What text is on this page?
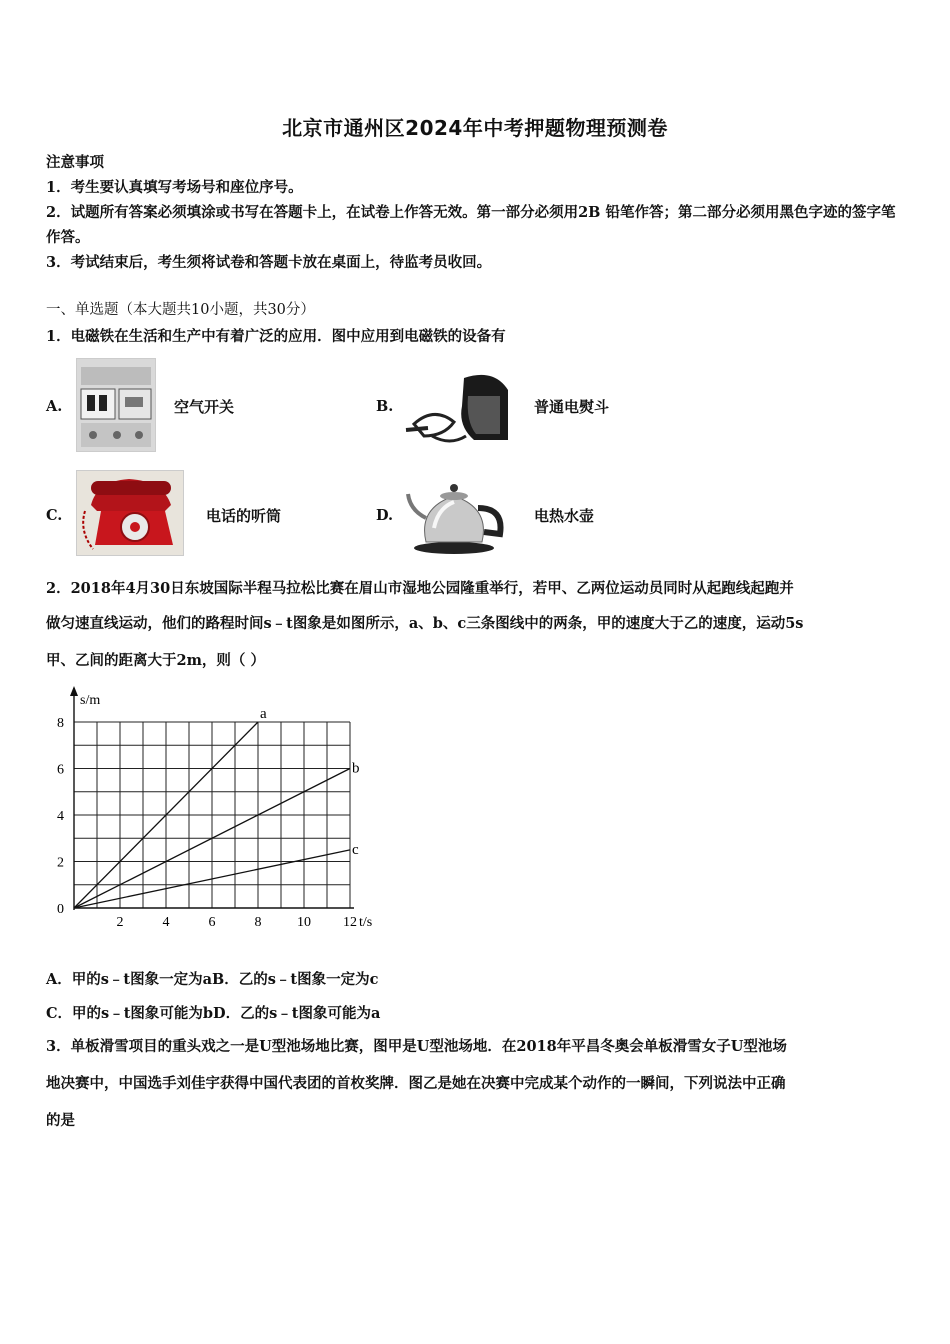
北京市通州区2024年中考押题物理预测卷
注意事项
1．考生要认真填写考场号和座位序号。
2．试题所有答案必须填涂或书写在答题卡上，在试卷上作答无效。第一部分必须用2B 铅笔作答；第二部分必须用黑色字迹的签字笔作答。
3．考试结束后，考生须将试卷和答题卡放在桌面上，待监考员收回。
一、单选题（本大题共10小题，共30分）
1．电磁铁在生活和生产中有着广泛的应用．图中应用到电磁铁的设备有
A.	空气开关	B.	普通电熨斗
C.	电话的听筒	D.	电热水壶
2．2018年4月30日东坡国际半程马拉松比赛在眉山市湿地公园隆重举行，若甲、乙两位运动员同时从起跑线起跑并
做匀速直线运动，他们的路程时间s﹣t图象是如图所示，a、b、c三条图线中的两条，甲的速度大于乙的速度，运动5s
甲、乙间的距离大于2m，则（ ）
s/m
t/s
2	4	6	8	10 12
0
2
4
6
8
a
b
c
A．甲的s﹣t图象一定为aB．乙的s﹣t图象一定为c
C．甲的s﹣t图象可能为bD．乙的s﹣t图象可能为a
3．单板滑雪项目的重头戏之一是U型池场地比赛，图甲是U型池场地．在2018年平昌冬奥会单板滑雪女子U型池场
地决赛中，中国选手刘佳宇获得中国代表团的首枚奖牌．图乙是她在决赛中完成某个动作的一瞬间，下列说法中正确
的是
